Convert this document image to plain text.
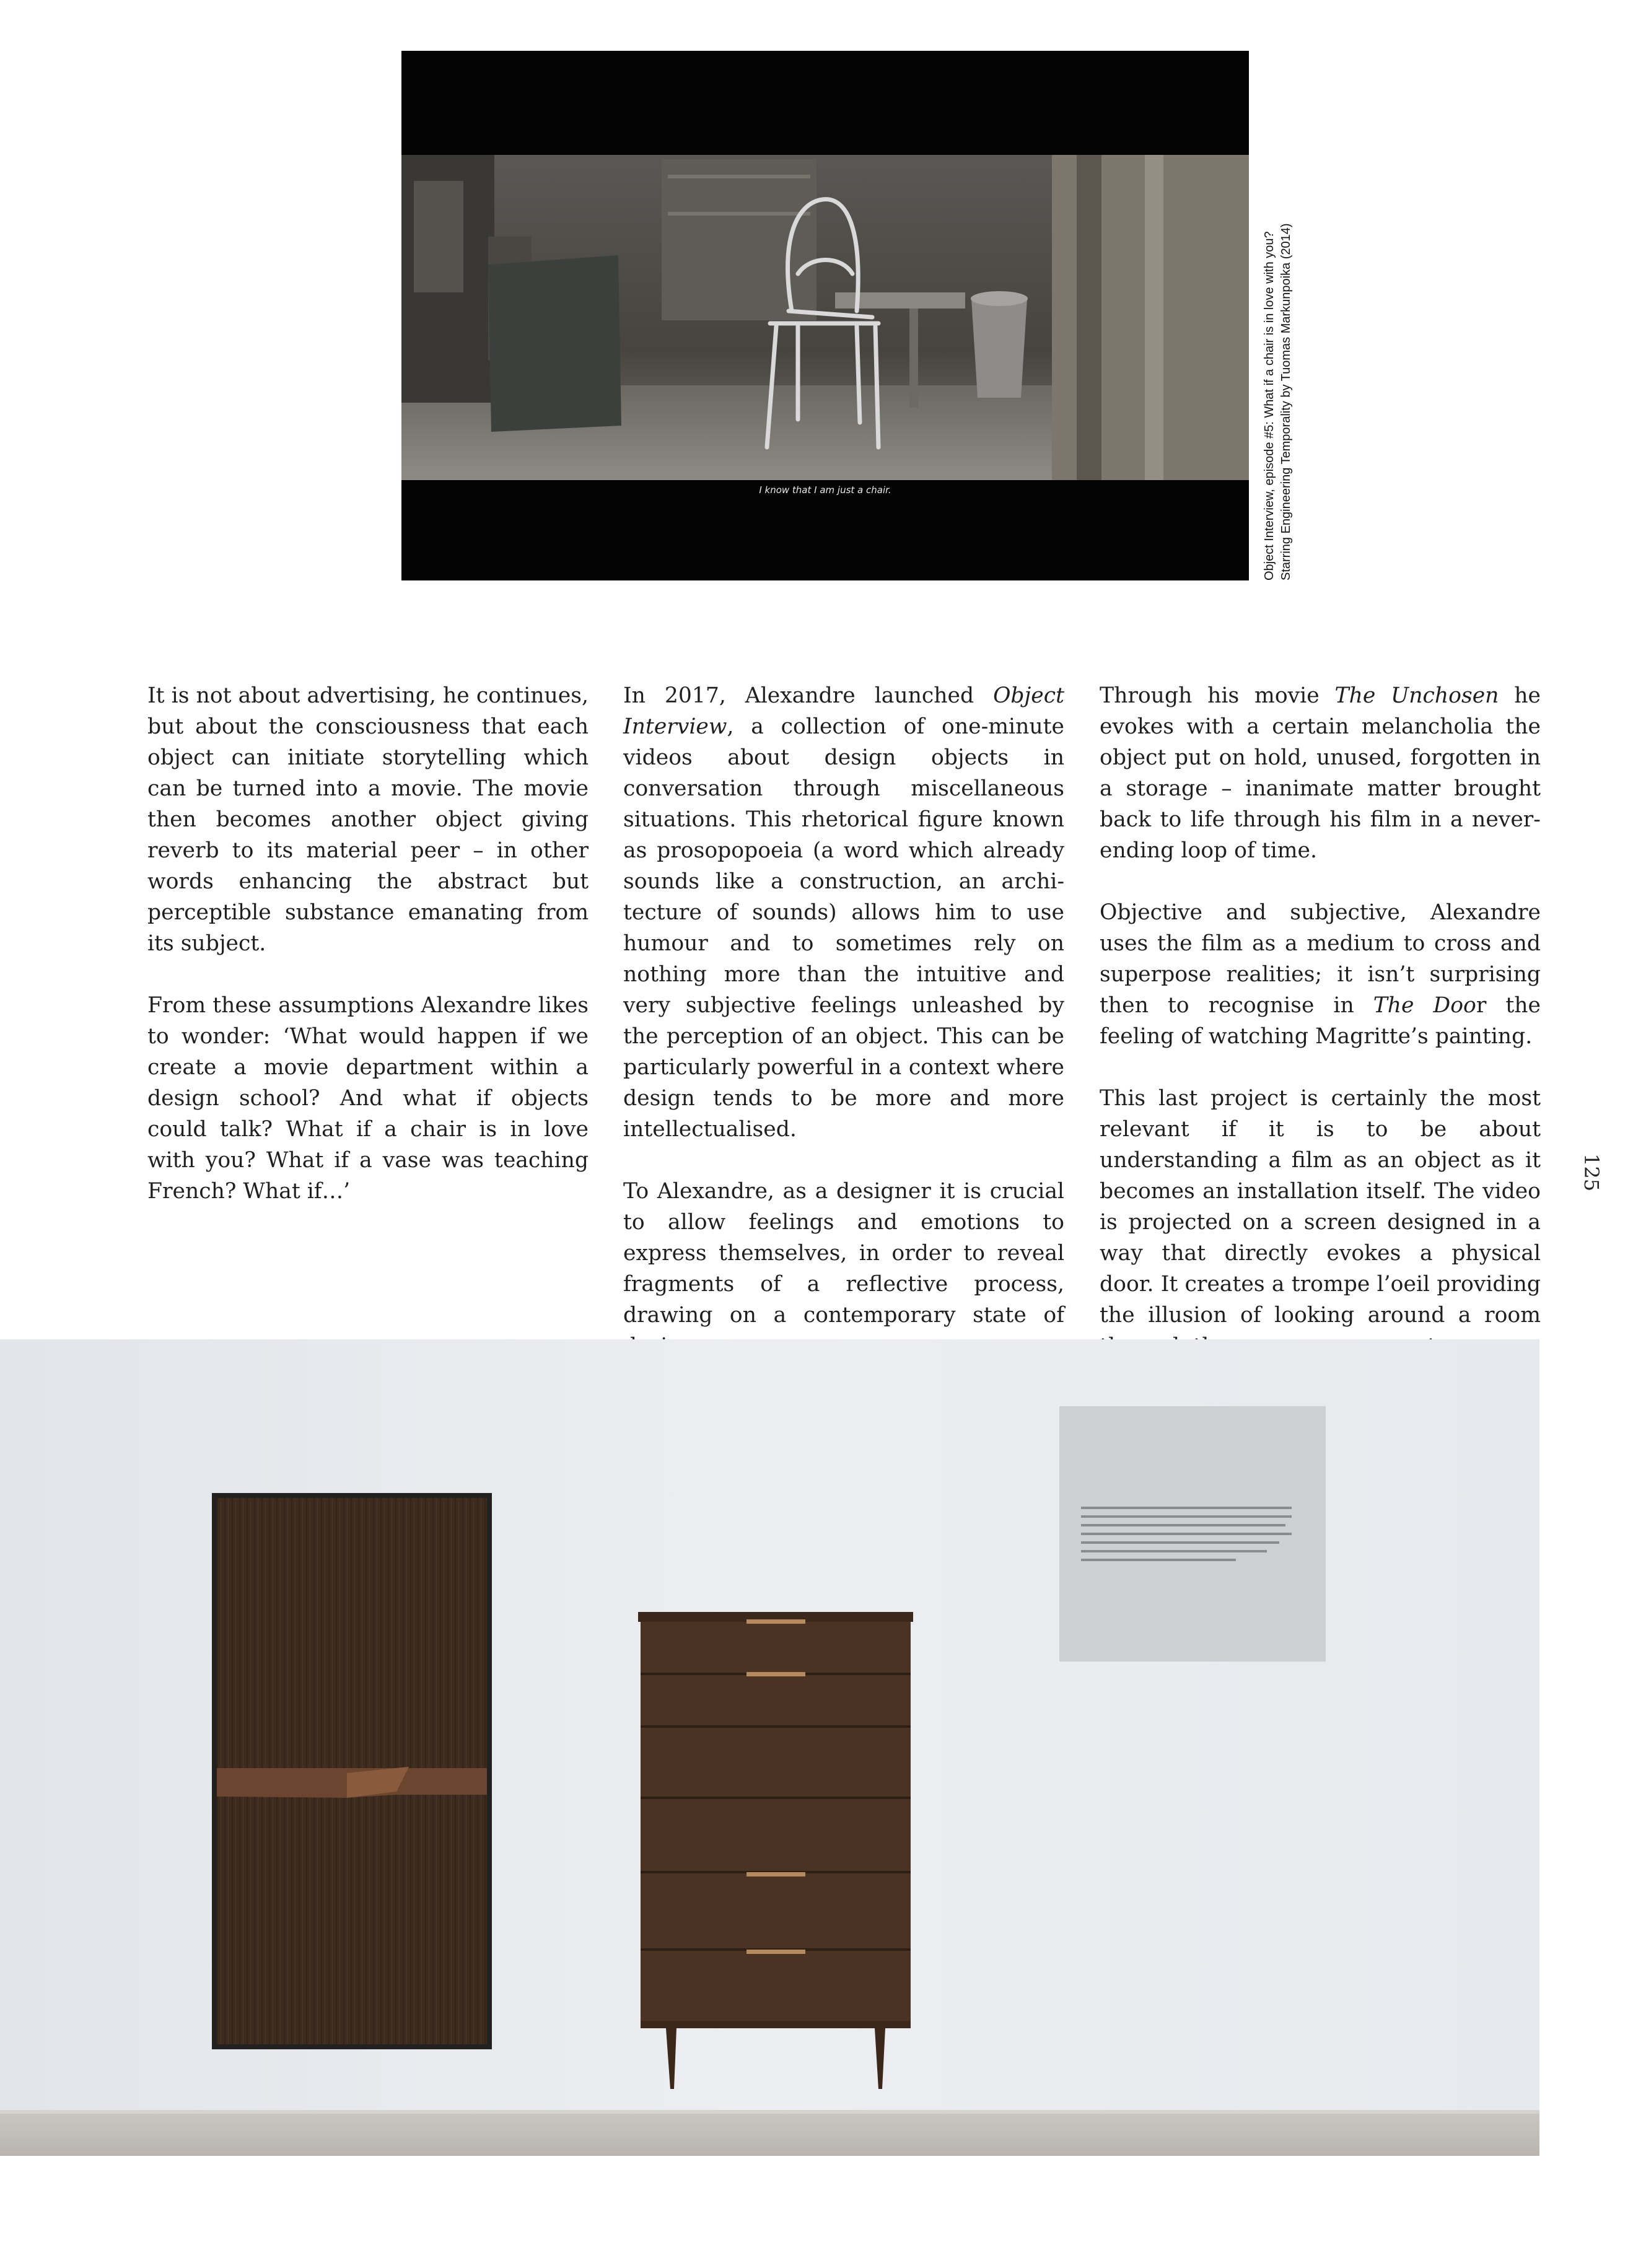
I know that I am just a chair.	Object Interview, episode #5: What if a chair is in love with you? Starring Engineering Temporality by Tuomas Markunpoika (2014)

It is not about advertising, he continues, but about the consciousness that each object can initiate storytelling which can be turned into a movie. The movie then becomes another object giving reverb to its material peer – in other words enhancing the abstract but perceptible substance emanating from its subject.

From these assumptions Alexandre likes to wonder: ‘What would happen if we create a movie department within a design school? And what if objects could talk? What if a chair is in love with you? What if a vase was teaching French? What if…’

In 2017, Alexandre launched Object Interview, a collection of one-minute videos about design objects in conversation through miscellaneous situations. This rhetorical figure known as prosopopoeia (a word which already sounds like a construction, an architecture of sounds) allows him to use humour and to sometimes rely on nothing more than the intuitive and very subjective feelings unleashed by the perception of an object. This can be particularly powerful in a context where design tends to be more and more intellectualised.

To Alexandre, as a designer it is crucial to allow feelings and emotions to express themselves, in order to reveal fragments of a reflective process, drawing on a contemporary state of

Through his movie The Unchosen he evokes with a certain melancholia the object put on hold, unused, forgotten in a storage – inanimate matter brought back to life through his film in a never-ending loop of time.

Objective and subjective, Alexandre uses the film as a medium to cross and superpose realities; it isn’t surprising then to recognise in The Door the feeling of watching Magritte’s painting.

This last project is certainly the most relevant if it is to be about understanding a film as an object as it becomes an installation itself. The video is projected on a screen designed in a way that directly evokes a physical door. It creates a trompe l’oeil providing the illusion of looking around a room

125
